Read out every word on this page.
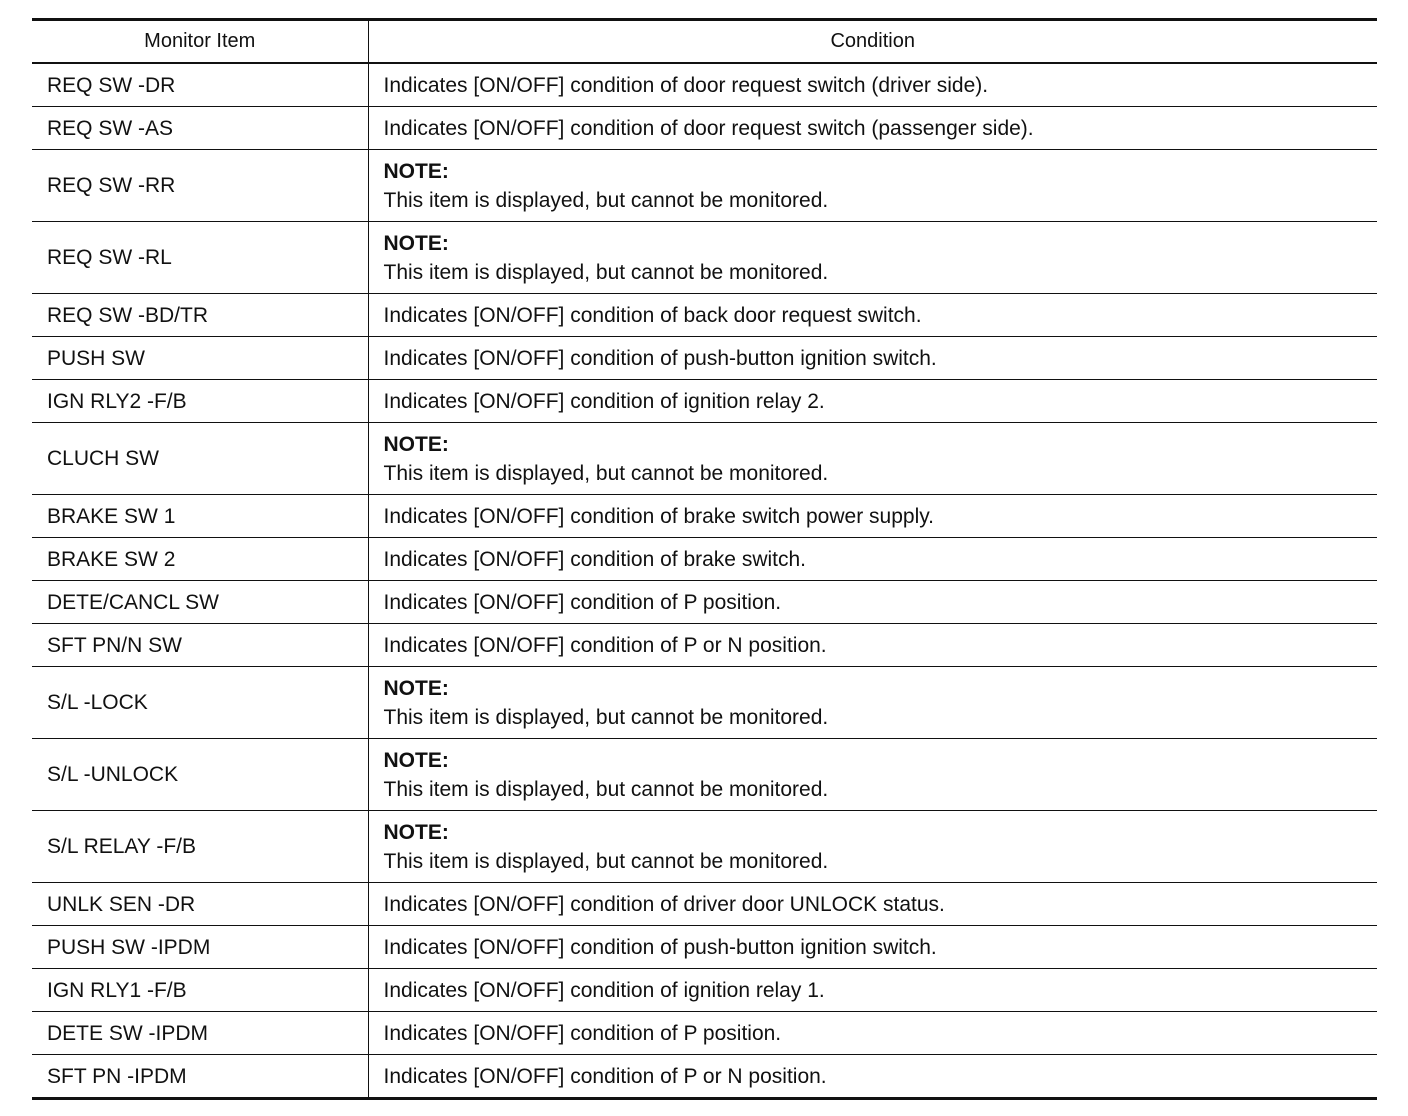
Monitor Item	Condition
REQ SW -DR	Indicates [ON/OFF] condition of door request switch (driver side).
REQ SW -AS	Indicates [ON/OFF] condition of door request switch (passenger side).
REQ SW -RR	NOTE:
This item is displayed, but cannot be monitored.

REQ SW -RL	NOTE:
This item is displayed, but cannot be monitored.

REQ SW -BD/TR	Indicates [ON/OFF] condition of back door request switch.
PUSH SW	Indicates [ON/OFF] condition of push-button ignition switch.
IGN RLY2 -F/B	Indicates [ON/OFF] condition of ignition relay 2.
CLUCH SW	NOTE:
This item is displayed, but cannot be monitored.

BRAKE SW 1	Indicates [ON/OFF] condition of brake switch power supply.
BRAKE SW 2	Indicates [ON/OFF] condition of brake switch.
DETE/CANCL SW	Indicates [ON/OFF] condition of P position.
SFT PN/N SW	Indicates [ON/OFF] condition of P or N position.
S/L -LOCK	NOTE:
This item is displayed, but cannot be monitored.

S/L -UNLOCK	NOTE:
This item is displayed, but cannot be monitored.

S/L RELAY -F/B	NOTE:
This item is displayed, but cannot be monitored.

UNLK SEN -DR	Indicates [ON/OFF] condition of driver door UNLOCK status.
PUSH SW -IPDM	Indicates [ON/OFF] condition of push-button ignition switch.
IGN RLY1 -F/B	Indicates [ON/OFF] condition of ignition relay 1.
DETE SW -IPDM	Indicates [ON/OFF] condition of P position.
SFT PN -IPDM	Indicates [ON/OFF] condition of P or N position.
